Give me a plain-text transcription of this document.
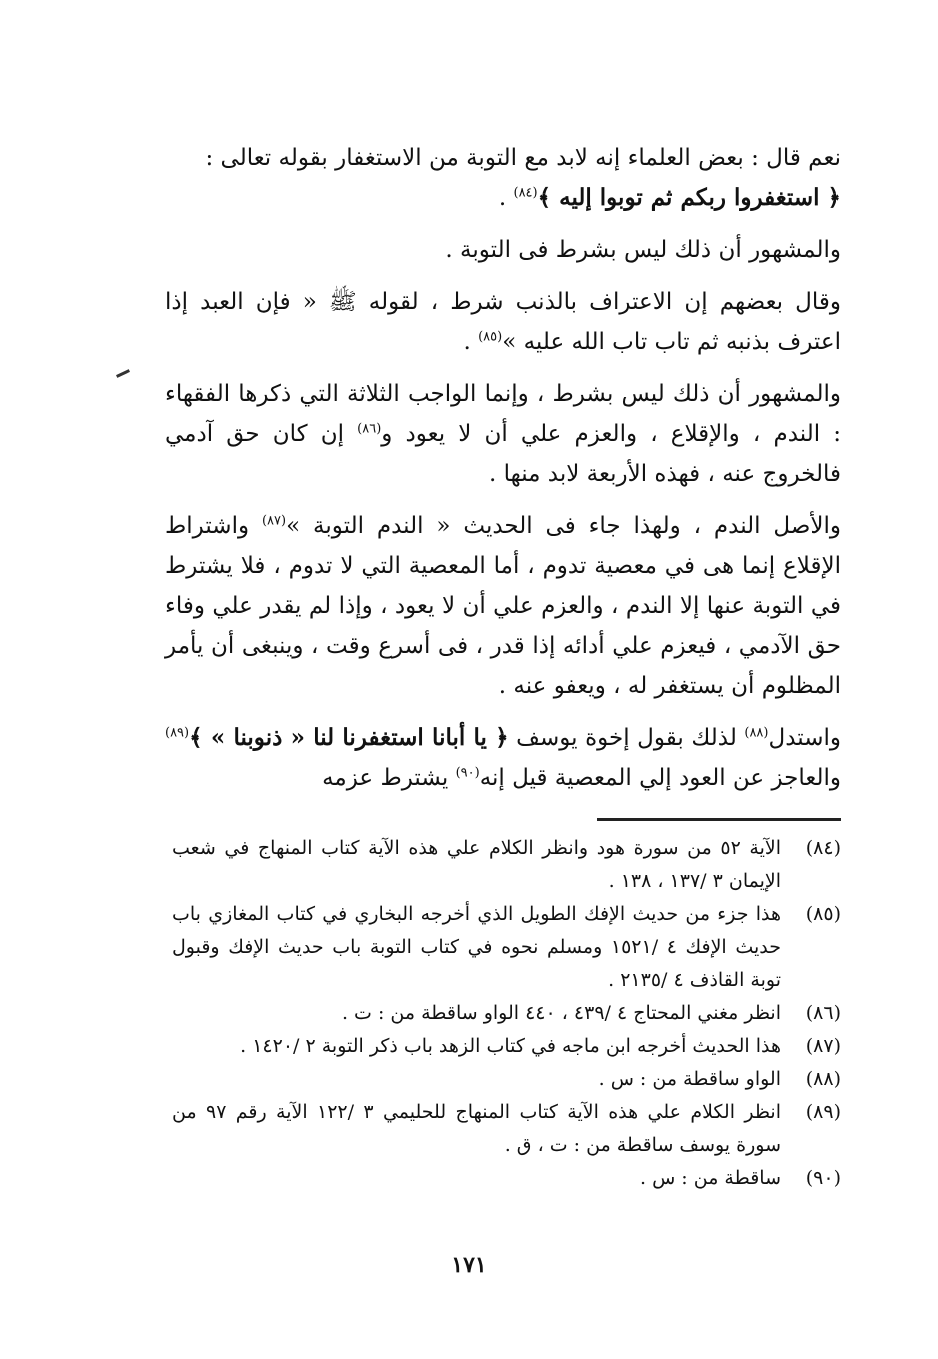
نعم قال : بعض العلماء إنه لابد مع التوبة من الاستغفار بقوله تعالى :

﴿ استغفروا ربكم ثم توبوا إليه ﴾$^{(٨٤)}$ .

والمشهور أن ذلك ليس بشرط فى التوبة .

وقال بعضهم إن الاعتراف بالذنب شرط ، لقوله ﷺ « فإن العبد إذا اعترف بذنبه ثم تاب تاب الله عليه »$^{(٨٥)}$ .

والمشهور أن ذلك ليس بشرط ، وإنما الواجب الثلاثة التي ذكرها الفقهاء : الندم ، والإقلاع ، والعزم علي أن لا يعود و$^{(٨٦)}$ إن كان حق آدمي فالخروج عنه ، فهذه الأربعة لابد منها .

والأصل الندم ، ولهذا جاء فى الحديث « الندم التوبة »$^{(٨٧)}$ واشتراط الإقلاع إنما هى في معصية تدوم ، أما المعصية التي لا تدوم ، فلا يشترط في التوبة عنها إلا الندم ، والعزم علي أن لا يعود ، وإذا لم يقدر علي وفاء حق الآدمي ، فيعزم علي أدائه إذا قدر ، فى أسرع وقت ، وينبغى أن يأمر المظلوم أن يستغفر له ، ويعفو عنه .

واستدل$^{(٨٨)}$ لذلك بقول إخوة يوسف ﴿ يا أبانا استغفرنا لنا « ذنوبنا » ﴾$^{(٨٩)}$ والعاجز عن العود إلي المعصية قيل إنه$^{(٩٠)}$ يشترط عزمه

(٨٤)
الآية ٥٢ من سورة هود وانظر الكلام علي هذه الآية كتاب المنهاج في شعب الإيمان ٣ /١٣٧ ، ١٣٨ .
(٨٥)
هذا جزء من حديث الإفك الطويل الذي أخرجه البخاري في كتاب المغازي باب حديث الإفك ٤ /١٥٢١ ومسلم نحوه في كتاب التوبة باب حديث الإفك وقبول توبة القاذف ٤ /٢١٣٥ .
(٨٦)
انظر مغني المحتاج ٤ /٤٣٩ ، ٤٤٠ الواو ساقطة من : ت .
(٨٧)
هذا الحديث أخرجه ابن ماجه في كتاب الزهد باب ذكر التوبة ٢ /١٤٢٠ .
(٨٨)
الواو ساقطة من : س .
(٨٩)
انظر الكلام علي هذه الآية كتاب المنهاج للحليمي ٣ /١٢٢ الآية رقم ٩٧ من سورة يوسف ساقطة من : ت ، ق .
(٩٠)
ساقطة من : س .
١٧١
